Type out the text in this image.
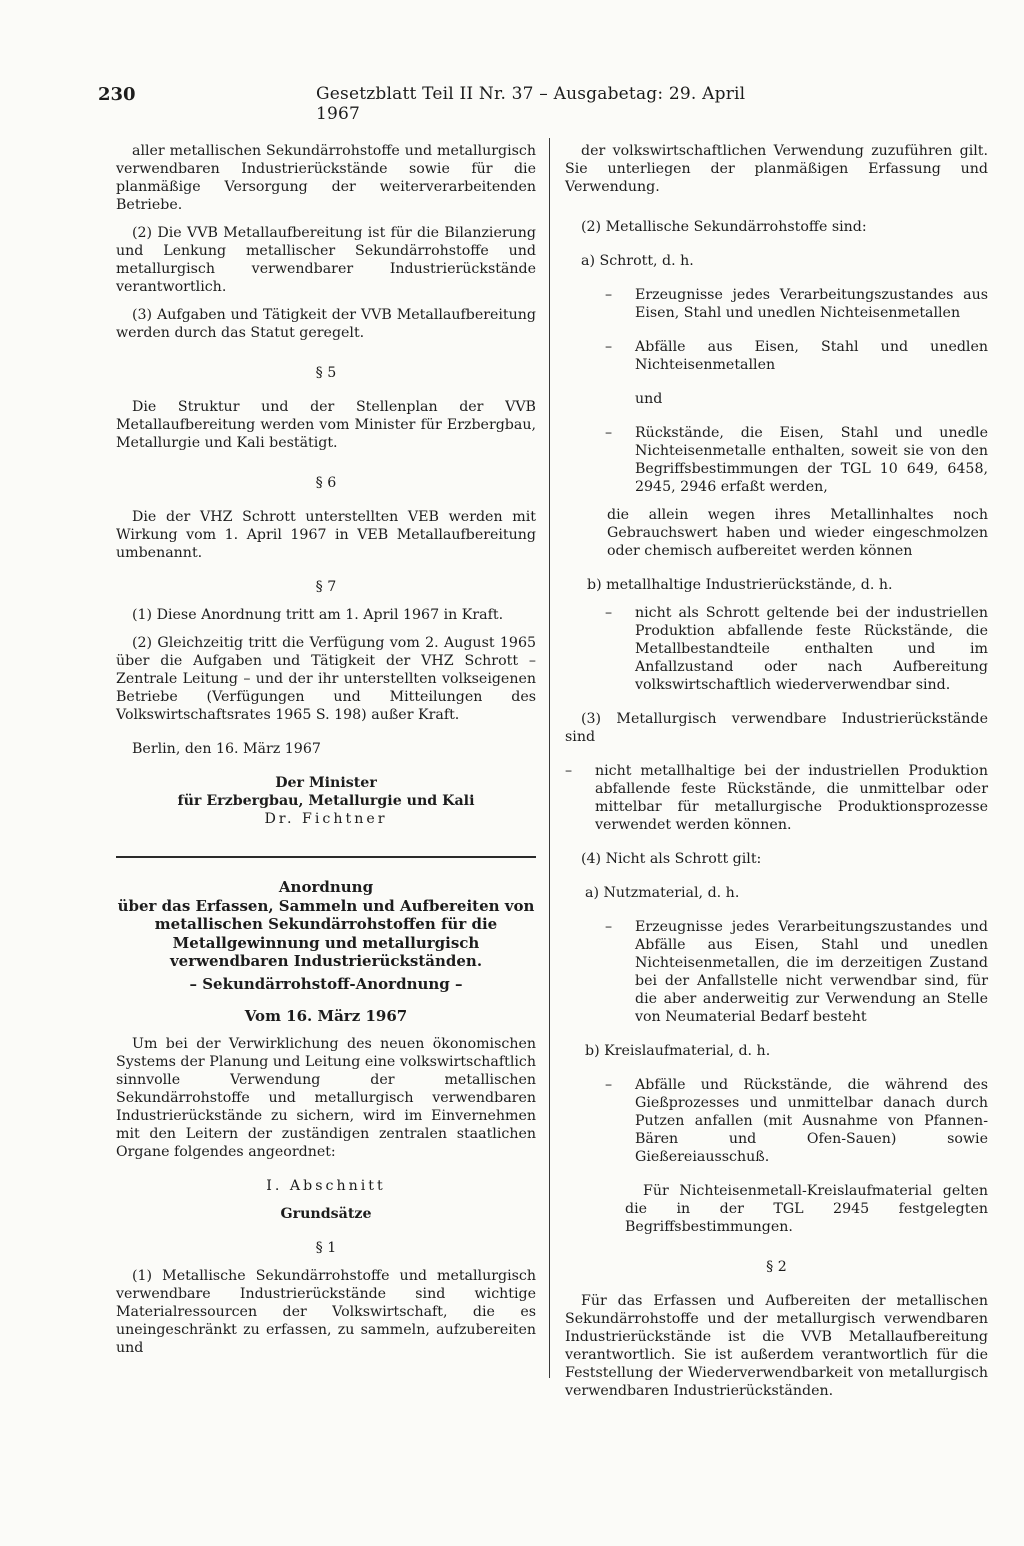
230	Gesetzblatt Teil II Nr. 37 – Ausgabetag: 29. April 1967

aller metallischen Sekundärrohstoffe und metallurgisch verwendbaren Industrierückstände sowie für die planmäßige Versorgung der weiterverarbeitenden Betriebe.

(2) Die VVB Metallaufbereitung ist für die Bilanzierung und Lenkung metallischer Sekundärrohstoffe und metallurgisch verwendbarer Industrierückstände verantwortlich.

(3) Aufgaben und Tätigkeit der VVB Metallaufbereitung werden durch das Statut geregelt.

§ 5

Die Struktur und der Stellenplan der VVB Metallaufbereitung werden vom Minister für Erzbergbau, Metallurgie und Kali bestätigt.

§ 6

Die der VHZ Schrott unterstellten VEB werden mit Wirkung vom 1. April 1967 in VEB Metallaufbereitung umbenannt.

§ 7

(1) Diese Anordnung tritt am 1. April 1967 in Kraft.

(2) Gleichzeitig tritt die Verfügung vom 2. August 1965 über die Aufgaben und Tätigkeit der VHZ Schrott – Zentrale Leitung – und der ihr unterstellten volkseigenen Betriebe (Verfügungen und Mitteilungen des Volkswirtschaftsrates 1965 S. 198) außer Kraft.

Berlin, den 16. März 1967

Der Minister

für Erzbergbau, Metallurgie und Kali

Dr. Fichtner

Anordnung

über das Erfassen, Sammeln und Aufbereiten von metallischen Sekundärrohstoffen für die Metallgewinnung und metallurgisch verwendbaren Industrierückständen.

– Sekundärrohstoff-Anordnung –

Vom 16. März 1967

Um bei der Verwirklichung des neuen ökonomischen Systems der Planung und Leitung eine volkswirtschaftlich sinnvolle Verwendung der metallischen Sekundärrohstoffe und metallurgisch verwendbaren Industrierückstände zu sichern, wird im Einvernehmen mit den Leitern der zuständigen zentralen staatlichen Organe folgendes angeordnet:

I. Abschnitt

Grundsätze

§ 1

(1) Metallische Sekundärrohstoffe und metallurgisch verwendbare Industrierückstände sind wichtige Materialressourcen der Volkswirtschaft, die es uneingeschränkt zu erfassen, zu sammeln, aufzubereiten und

der volkswirtschaftlichen Verwendung zuzuführen gilt. Sie unterliegen der planmäßigen Erfassung und Verwendung.

(2) Metallische Sekundärrohstoffe sind:

a) Schrott, d. h.

–	Erzeugnisse jedes Verarbeitungszustandes aus Eisen, Stahl und unedlen Nichteisenmetallen
–	Abfälle aus Eisen, Stahl und unedlen Nichteisenmetallen

und

–	Rückstände, die Eisen, Stahl und unedle Nichteisenmetalle enthalten, soweit sie von den Begriffsbestimmungen der TGL 10 649, 6458, 2945, 2946 erfaßt werden,

die allein wegen ihres Metallinhaltes noch Gebrauchswert haben und wieder eingeschmolzen oder chemisch aufbereitet werden können

b) metallhaltige Industrierückstände, d. h.

–	nicht als Schrott geltende bei der industriellen Produktion abfallende feste Rückstände, die Metallbestandteile enthalten und im Anfallzustand oder nach Aufbereitung volkswirtschaftlich wiederverwendbar sind.

(3) Metallurgisch verwendbare Industrierückstände sind

–	nicht metallhaltige bei der industriellen Produktion abfallende feste Rückstände, die unmittelbar oder mittelbar für metallurgische Produktionsprozesse verwendet werden können.

(4) Nicht als Schrott gilt:

a) Nutzmaterial, d. h.

–	Erzeugnisse jedes Verarbeitungszustandes und Abfälle aus Eisen, Stahl und unedlen Nichteisenmetallen, die im derzeitigen Zustand bei der Anfallstelle nicht verwendbar sind, für die aber anderweitig zur Verwendung an Stelle von Neumaterial Bedarf besteht

b) Kreislaufmaterial, d. h.

–	Abfälle und Rückstände, die während des Gießprozesses und unmittelbar danach durch Putzen anfallen (mit Ausnahme von Pfannen-Bären und Ofen-Sauen) sowie Gießereiausschuß.

Für Nichteisenmetall-Kreislaufmaterial gelten die in der TGL 2945 festgelegten Begriffsbestimmungen.

§ 2

Für das Erfassen und Aufbereiten der metallischen Sekundärrohstoffe und der metallurgisch verwendbaren Industrierückstände ist die VVB Metallaufbereitung verantwortlich. Sie ist außerdem verantwortlich für die Feststellung der Wiederverwendbarkeit von metallurgisch verwendbaren Industrierückständen.
